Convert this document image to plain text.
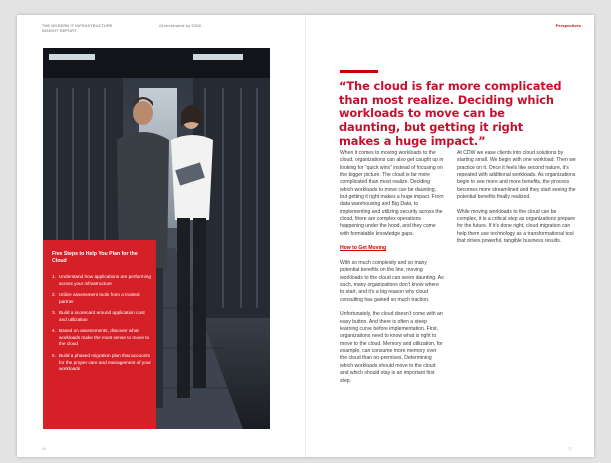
THE MODERN IT INFRASTRUCTURE INSIGHT REPORT
Orchestrated by CDW	Perspectives
Five Steps to Help You Plan for the Cloud
1. Understand how applications are performing across your infrastructure
2. Utilize assessment tools from a trusted partner
3. Build a scorecard around application cost and utilization
4. Based on assessments, discover what workloads make the most sense to move to the cloud
5. Build a phased migration plan that accounts for the proper care and management of your workloads
“The cloud is far more complicated than most realize. Deciding which workloads to move can be daunting, but getting it right makes a huge impact.”

When it comes to moving workloads to the cloud, organizations can also get caught up in looking for “quick wins” instead of focusing on the bigger picture. The cloud is far more complicated than most realize. Deciding which workloads to move can be daunting, but getting it right makes a huge impact. From data warehousing and Big Data, to implementing and utilizing security across the cloud, there are complex operations happening under the hood, and they come with formidable knowledge gaps.

How to Get Moving

With so much complexity and so many potential benefits on the line, moving workloads to the cloud can seem daunting. As such, many organizations don’t know where to start, and it’s a big reason why cloud consulting has gained so much traction.

Unfortunately, the cloud doesn’t come with an easy button. And there is often a steep learning curve before implementation. First, organizations need to know what is right to move to the cloud. Memory and utilization, for example, can consume more memory over the cloud than on-premises. Determining which workloads should move to the cloud and which should stay is an important first step.

At CDW we ease clients into cloud solutions by starting small. We begin with one workload. Then we practice on it. Once it feels like second nature, it’s repeated with additional workloads. As organizations begin to see more and more benefits, the process becomes more streamlined and they start seeing the potential benefits finally realized.

While moving workloads to the cloud can be complex, it is a critical step as organizations prepare for the future. If it’s done right, cloud migration can help them use technology as a transformational tool that drives powerful, tangible business results.

16	17
